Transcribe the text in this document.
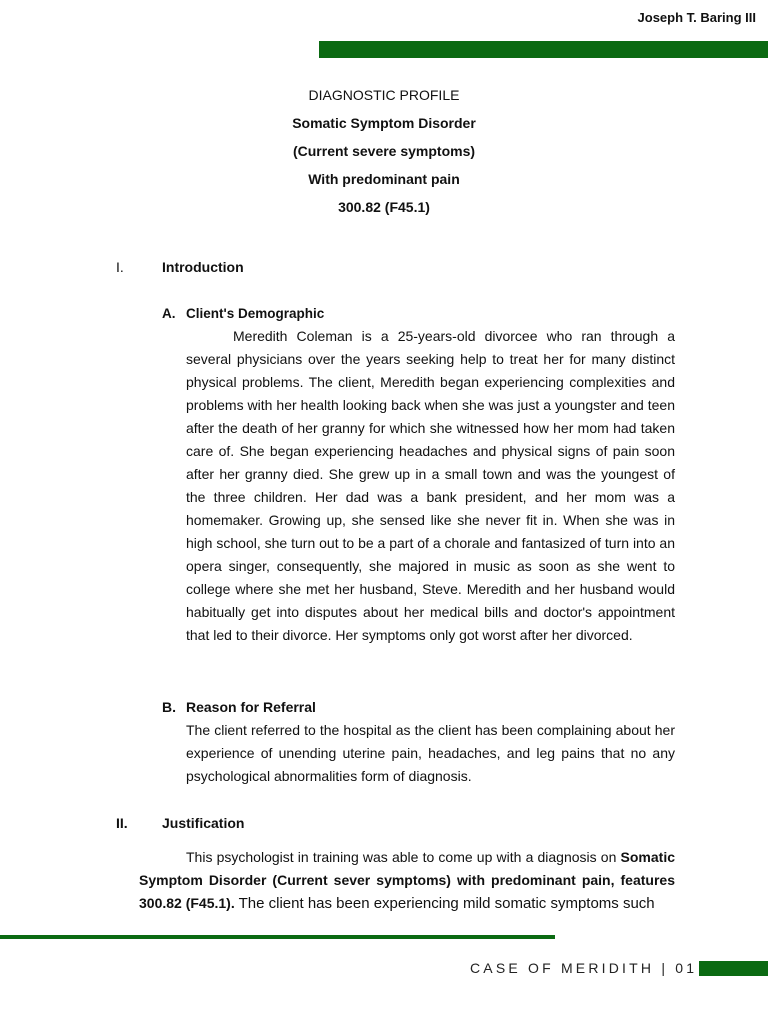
Joseph T. Baring III
DIAGNOSTIC PROFILE
Somatic Symptom Disorder
(Current severe symptoms)
With predominant pain
300.82 (F45.1)
I.	Introduction
A. Client's Demographic

Meredith Coleman is a 25-years-old divorcee who ran through a several physicians over the years seeking help to treat her for many distinct physical problems. The client, Meredith began experiencing complexities and problems with her health looking back when she was just a youngster and teen after the death of her granny for which she witnessed how her mom had taken care of. She began experiencing headaches and physical signs of pain soon after her granny died. She grew up in a small town and was the youngest of the three children. Her dad was a bank president, and her mom was a homemaker. Growing up, she sensed like she never fit in. When she was in high school, she turn out to be a part of a chorale and fantasized of turn into an opera singer, consequently, she majored in music as soon as she went to college where she met her husband, Steve. Meredith and her husband would habitually get into disputes about her medical bills and doctor's appointment that led to their divorce. Her symptoms only got worst after her divorced.

B. Reason for Referral

The client referred to the hospital as the client has been complaining about her experience of unending uterine pain, headaches, and leg pains that no any psychological abnormalities form of diagnosis.

II. Justification

This psychologist in training was able to come up with a diagnosis on Somatic Symptom Disorder (Current sever symptoms) with predominant pain, features 300.82 (F45.1). The client has been experiencing mild somatic symptoms such

CASE OF MERIDITH | 01
